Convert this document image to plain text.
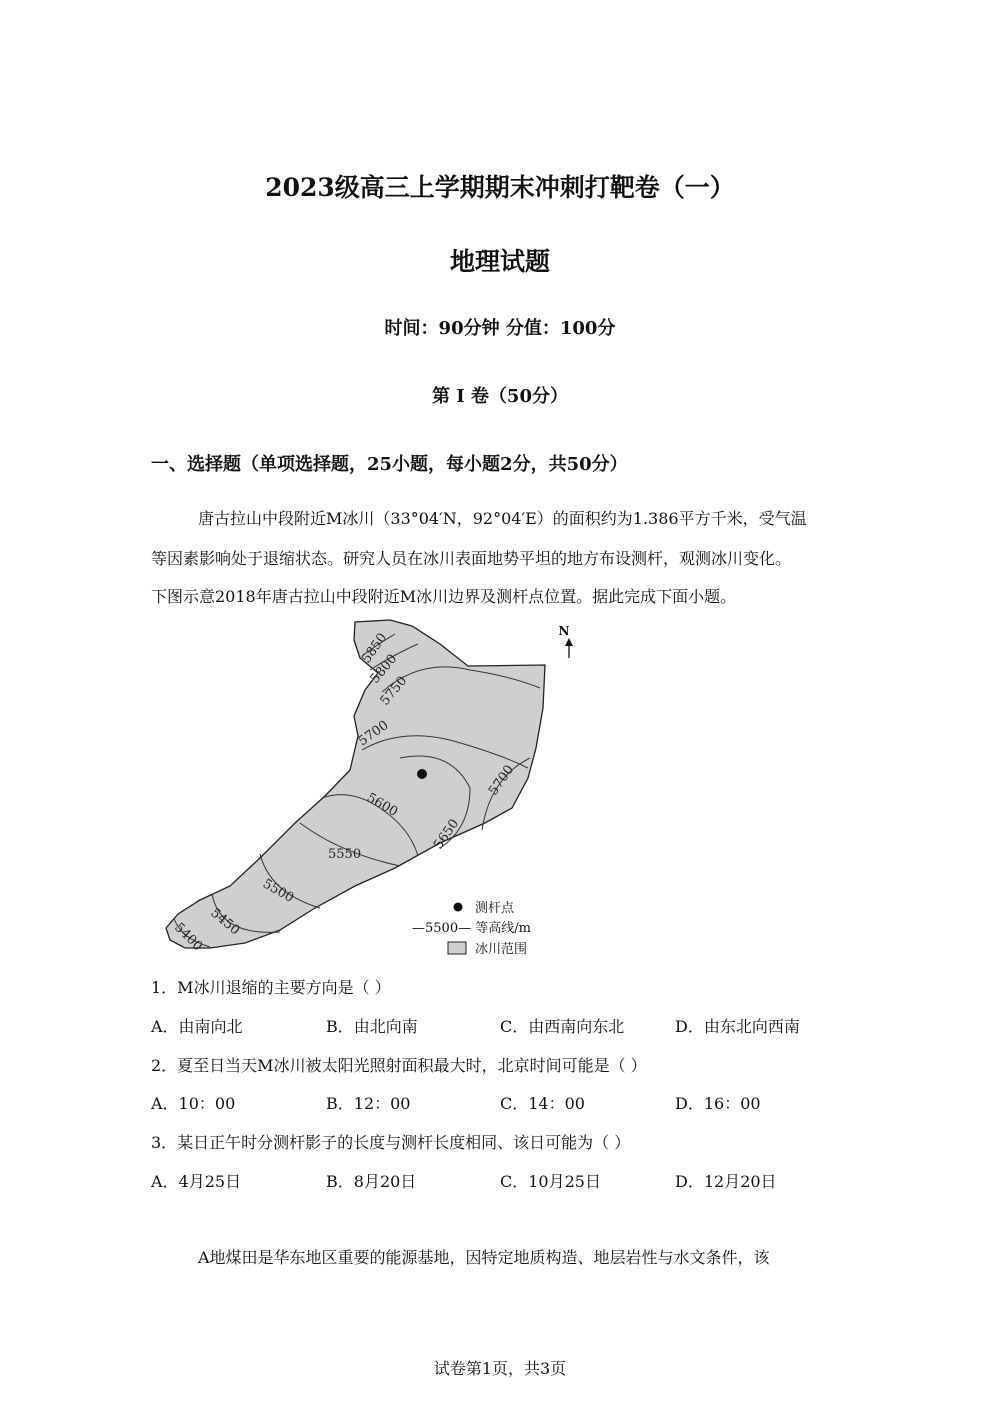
2023级高三上学期期末冲刺打靶卷（一）
地理试题
时间：90分钟 分值：100分
第 I 卷（50分）
一、选择题（单项选择题，25小题，每小题2分，共50分）
唐古拉山中段附近M冰川（33°04′N，92°04′E）的面积约为1.386平方千米，受气温
等因素影响处于退缩状态。研究人员在冰川表面地势平坦的地方布设测杆，观测冰川变化。
下图示意2018年唐古拉山中段附近M冰川边界及测杆点位置。据此完成下面小题。
5850
5800
5750
5700
5600
5650
5700
5550
5500
5450
5400
N
测杆点
—5500— 等高线/m
冰川范围
1．M冰川退缩的主要方向是（ ）
A．由南向北	B．由北向南	C．由西南向东北	D．由东北向西南
2．夏至日当天M冰川被太阳光照射面积最大时，北京时间可能是（ ）
A．10：00	B．12：00	C．14：00	D．16：00
3．某日正午时分测杆影子的长度与测杆长度相同、该日可能为（ ）
A．4月25日	B．8月20日	C．10月25日	D．12月20日
A地煤田是华东地区重要的能源基地，因特定地质构造、地层岩性与水文条件，该
试卷第1页，共3页
